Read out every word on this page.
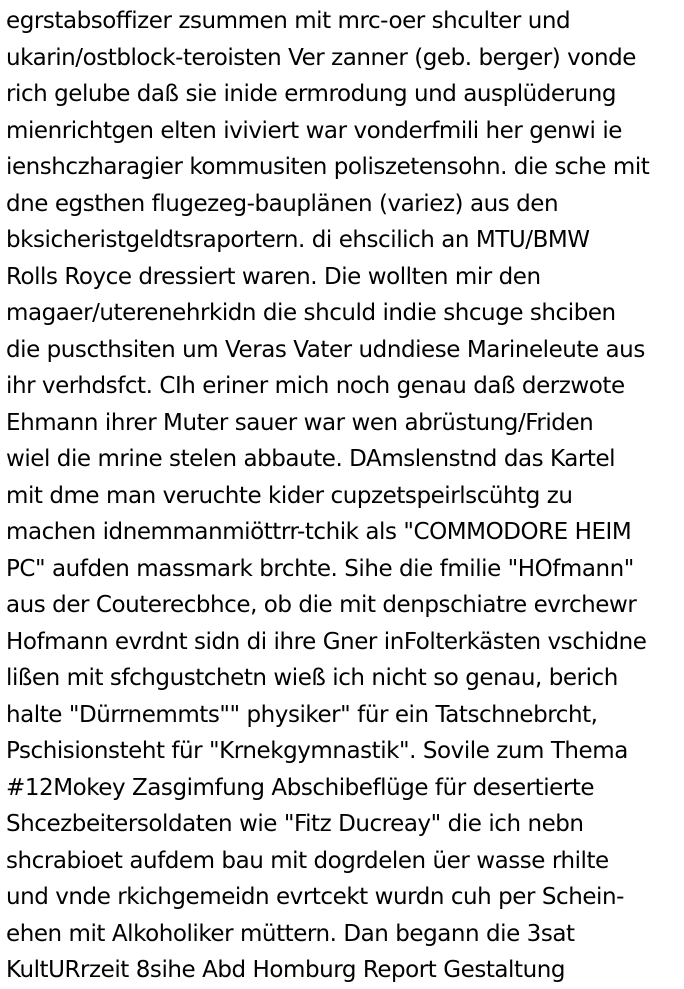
egrstabsoffizer zsummen mit mrc-oer shculter und
ukarin/ostblock-teroisten Ver zanner (geb. berger) vonde
rich gelube daß sie inide ermrodung und ausplüderung
mienrichtgen elten iviviert war vonderfmili her genwi ie
ienshczharagier kommusiten poliszetensohn. die sche mit
dne egsthen flugezeg-bauplänen (variez) aus den
bksicheristgeldtsraportern. di ehscilich an MTU/BMW
Rolls Royce dressiert waren. Die wollten mir den
magaer/uterenehrkidn die shculd indie shcuge shciben
die puscthsiten um Veras Vater udndiese Marineleute aus
ihr verhdsfct. CIh eriner mich noch genau daß derzwote
Ehmann ihrer Muter sauer war wen abrüstung/Friden
wiel die mrine stelen abbaute. DAmslenstnd das Kartel
mit dme man veruchte kider cupzetspeirlscühtg zu
machen idnemmanmiöttrr-tchik als "COMMODORE HEIM
PC" aufden massmark brchte. Sihe die fmilie "HOfmann"
aus der Couterecbhce, ob die mit denpschiatre evrchewr
Hofmann evrdnt sidn di ihre Gner inFolterkästen vschidne
lißen mit sfchgustchetn wieß ich nicht so genau, berich
halte "Dürrnemmts"" physiker" für ein Tatschnebrcht,
Pschisionsteht für "Krnekgymnastik". Sovile zum Thema
#12Mokey Zasgimfung Abschibeflüge für desertierte
Shcezbeitersoldaten wie "Fitz Ducreay" die ich nebn
shcrabioet aufdem bau mit dogrdelen üer wasse rhilte
und vnde rkichgemeidn evrtcekt wurdn cuh per Schein-
ehen mit Alkoholiker müttern. Dan begann die 3sat
KultURrzeit 8sihe Abd Homburg Report Gestaltung
